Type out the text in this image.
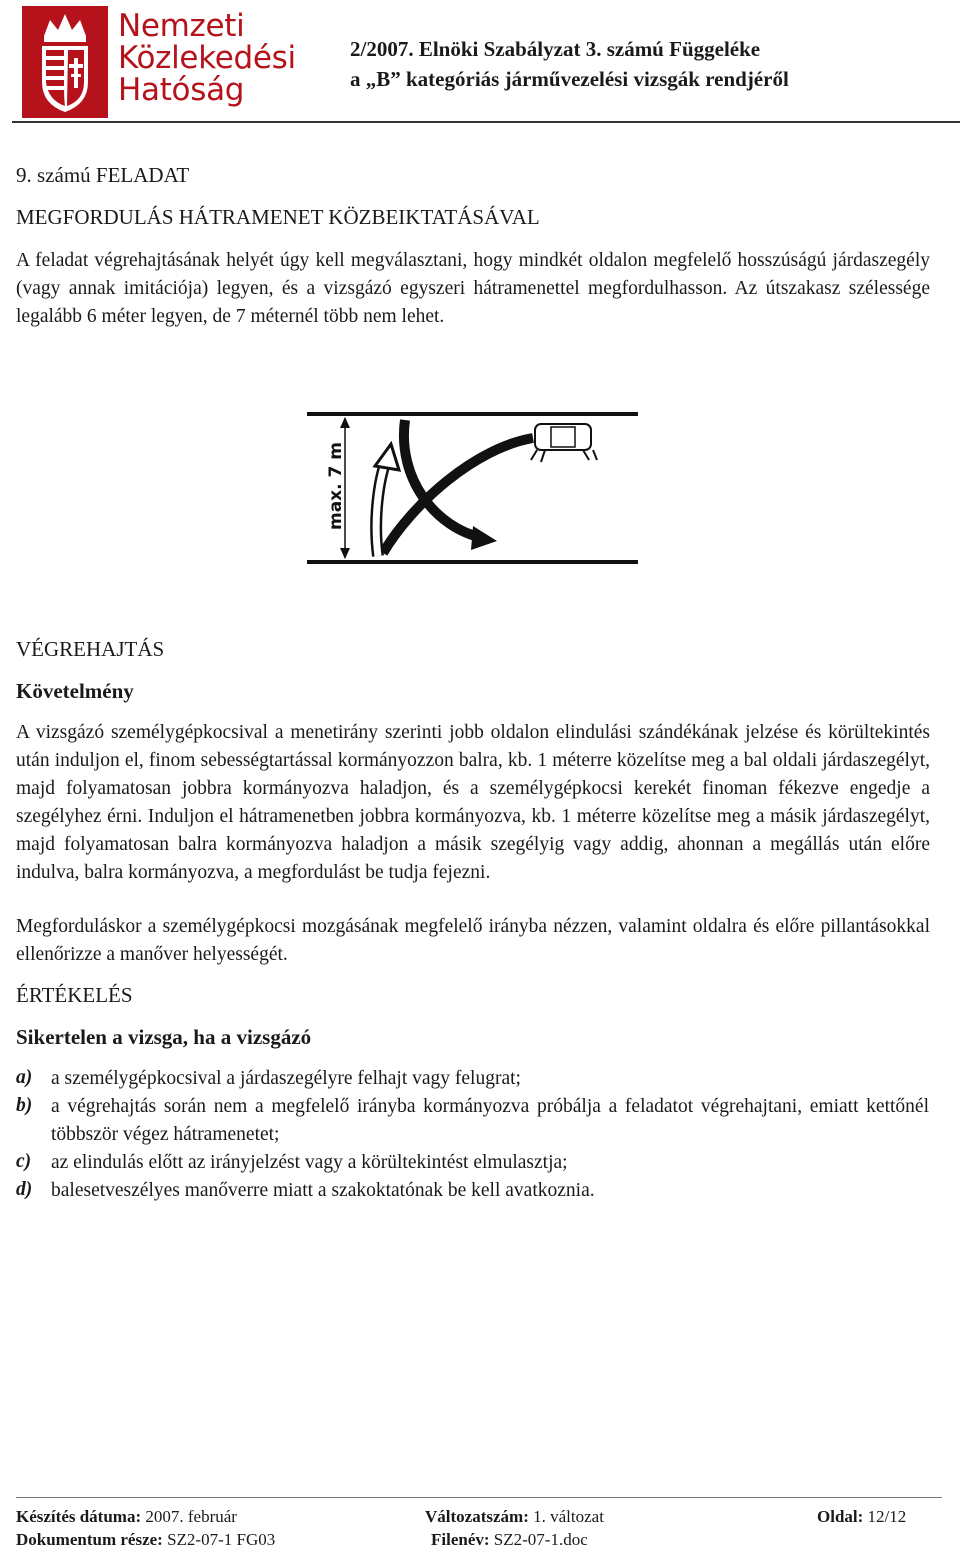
Nemzeti
Közlekedési
Hatóság
2/2007. Elnöki Szabályzat 3. számú Függeléke
a „B” kategóriás járművezelési vizsgák rendjéről
9. számú FELADAT
MEGFORDULÁS HÁTRAMENET KÖZBEIKTATÁSÁVAL
A feladat végrehajtásának helyét úgy kell megválasztani, hogy mindkét oldalon megfelelő hosszúságú járdaszegély (vagy annak imitációja) legyen, és a vizsgázó egyszeri hátramenettel megfordulhasson. Az útszakasz szélessége legalább 6 méter legyen, de 7 méternél több nem lehet.
max. 7 m
VÉGREHAJTÁS
Követelmény
A vizsgázó személygépkocsival a menetirány szerinti jobb oldalon elindulási szándékának jelzése és körültekintés után induljon el, finom sebességtartással kormányozzon balra, kb. 1 méterre közelítse meg a bal oldali járdaszegélyt, majd folyamatosan jobbra kormányozva haladjon, és a személygépkocsi kerekét finoman fékezve engedje a szegélyhez érni. Induljon el hátramenetben jobbra kormányozva, kb. 1 méterre közelítse meg a másik járdaszegélyt, majd folyamatosan balra kormányozva haladjon a másik szegélyig vagy addig, ahonnan a megállás után előre indulva, balra kormányozva, a megfordulást be tudja fejezni.
Megforduláskor a személygépkocsi mozgásának megfelelő irányba nézzen, valamint oldalra és előre pillantásokkal ellenőrizze a manőver helyességét.
ÉRTÉKELÉS
Sikertelen a vizsga, ha a vizsgázó
a) a személygépkocsival a járdaszegélyre felhajt vagy felugrat;
b) a végrehajtás során nem a megfelelő irányba kormányozva próbálja a feladatot végrehajtani, emiatt kettőnél többször végez hátramenetet;
c) az elindulás előtt az irányjelzést vagy a körültekintést elmulasztja;
d) balesetveszélyes manőverre miatt a szakoktatónak be kell avatkoznia.
Készítés dátuma: 2007. február	Változatszám: 1. változat	Oldal: 12/12
Dokumentum része: SZ2-07-1 FG03	Filenév: SZ2-07-1.doc
